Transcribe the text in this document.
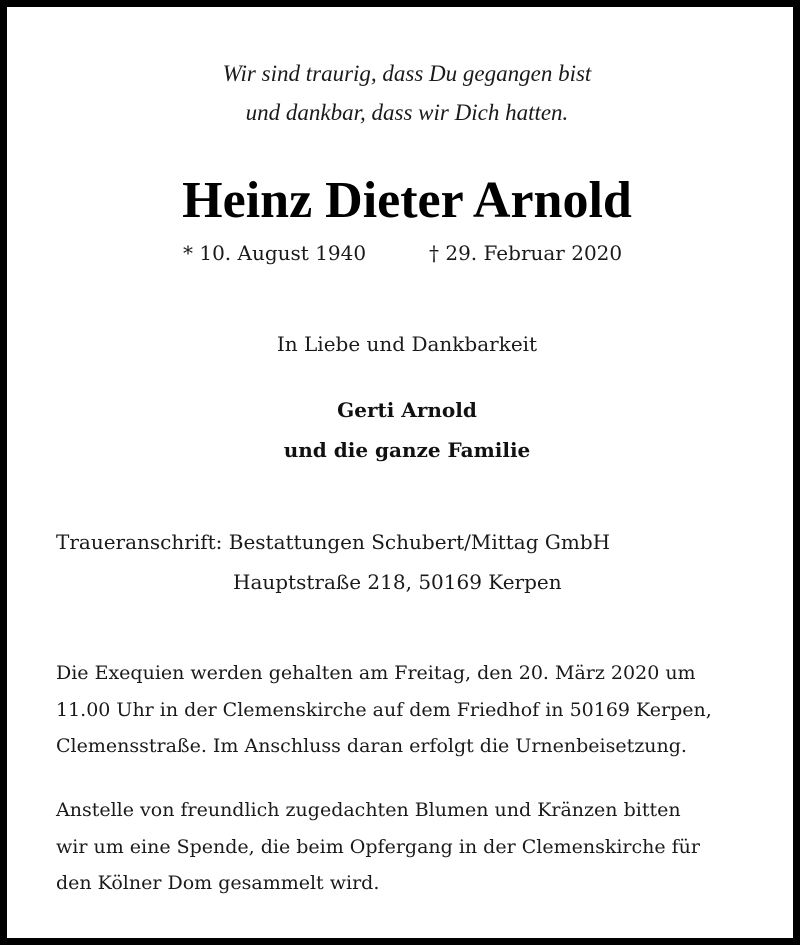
Wir sind traurig, dass Du gegangen bist
und dankbar, dass wir Dich hatten.
Heinz Dieter Arnold
* 10. August 1940	† 29. Februar 2020
In Liebe und Dankbarkeit
Gerti Arnold
und die ganze Familie
Traueranschrift: Bestattungen Schubert/Mittag GmbH
Hauptstraße 218, 50169 Kerpen
Die Exequien werden gehalten am Freitag, den 20. März 2020 um
11.00 Uhr in der Clemenskirche auf dem Friedhof in 50169 Kerpen,
Clemensstraße. Im Anschluss daran erfolgt die Urnenbeisetzung.
Anstelle von freundlich zugedachten Blumen und Kränzen bitten
wir um eine Spende, die beim Opfergang in der Clemenskirche für
den Kölner Dom gesammelt wird.
